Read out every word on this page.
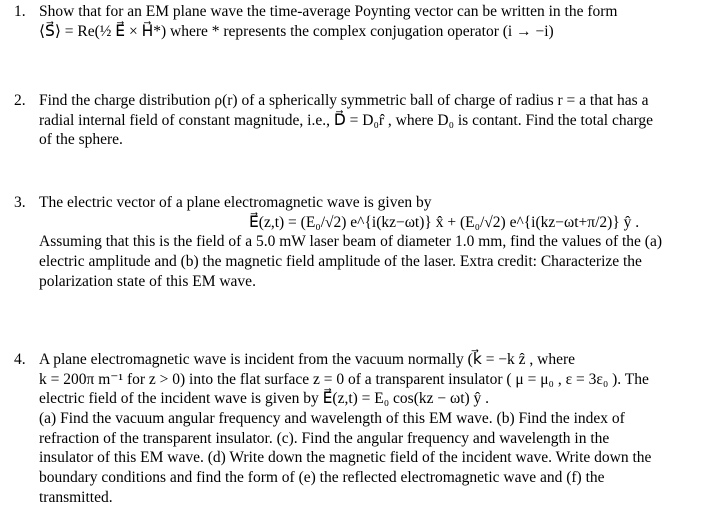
1. Show that for an EM plane wave the time-average Poynting vector can be written in the form
⟨S⃗⟩ = Re(½ E⃗ × H⃗*) where * represents the complex conjugation operator (i → −i)
2. Find the charge distribution ρ(r) of a spherically symmetric ball of charge of radius r = a that has a
radial internal field of constant magnitude, i.e., D⃗ = D₀r̂ , where D₀ is contant. Find the total charge
of the sphere.
3. The electric vector of a plane electromagnetic wave is given by
E⃗(z,t) = (E₀/√2) e^{i(kz−ωt)} x̂ + (E₀/√2) e^{i(kz−ωt+π/2)} ŷ .
Assuming that this is the field of a 5.0 mW laser beam of diameter 1.0 mm, find the values of the (a)
electric amplitude and (b) the magnetic field amplitude of the laser. Extra credit: Characterize the
polarization state of this EM wave.
4. A plane electromagnetic wave is incident from the vacuum normally (k⃗ = −k ẑ , where
k = 200π m⁻¹ for z > 0) into the flat surface z = 0 of a transparent insulator ( μ = μ₀ , ε = 3ε₀ ). The
electric field of the incident wave is given by E⃗(z,t) = E₀ cos(kz − ωt) ŷ .
(a) Find the vacuum angular frequency and wavelength of this EM wave. (b) Find the index of
refraction of the transparent insulator. (c). Find the angular frequency and wavelength in the
insulator of this EM wave. (d) Write down the magnetic field of the incident wave. Write down the
boundary conditions and find the form of (e) the reflected electromagnetic wave and (f) the
transmitted.
